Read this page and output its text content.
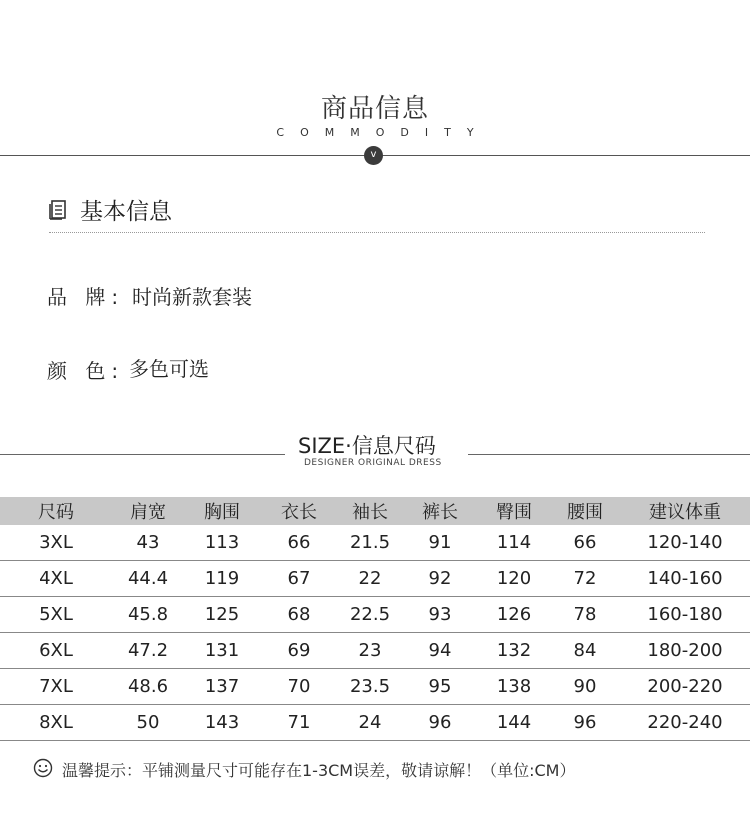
商品信息
COMMODITY
v
基本信息
品 牌: 时尚新款套装
颜 色: 多色可选
SIZE·信息尺码
DESIGNER ORIGINAL DRESS
尺码	肩宽	胸围	衣长	袖长	裤长	臀围	腰围	建议体重
3XL	43	113	66	21.5	91	114	66	120-140
4XL	44.4	119	67	22	92	120	72	140-160
5XL	45.8	125	68	22.5	93	126	78	160-180
6XL	47.2	131	69	23	94	132	84	180-200
7XL	48.6	137	70	23.5	95	138	90	200-220
8XL	50	143	71	24	96	144	96	220-240
温馨提示：平铺测量尺寸可能存在1-3CM误差，敬请谅解！（单位:CM）
